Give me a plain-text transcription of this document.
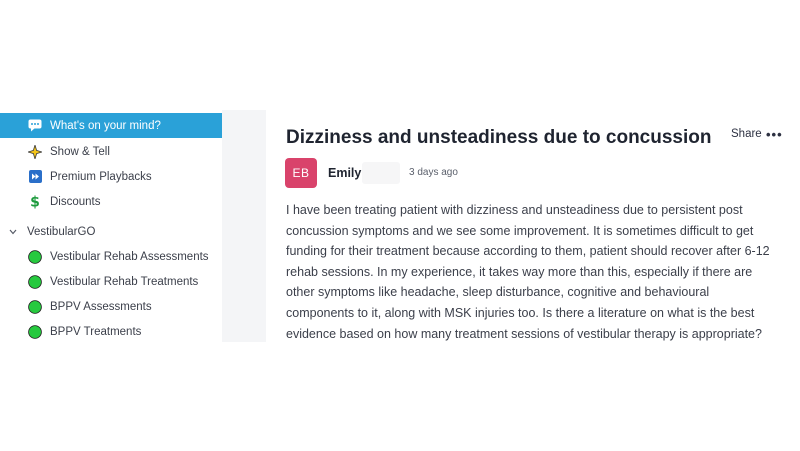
What's on your mind?
Show & Tell
Premium Playbacks
$ Discounts
VestibularGO
Vestibular Rehab Assessments
Vestibular Rehab Treatments
BPPV Assessments
BPPV Treatments
Dizziness and unsteadiness due to concussion Share •••
EB	Emily	3 days ago
I have been treating patient with dizziness and unsteadiness due to persistent post concussion symptoms and we see some improvement. It is sometimes difficult to get funding for their treatment because according to them, patient should recover after 6-12 rehab sessions. In my experience, it takes way more than this, especially if there are other symptoms like headache, sleep disturbance, cognitive and behavioural components to it, along with MSK injuries too. Is there a literature on what is the best evidence based on how many treatment sessions of vestibular therapy is appropriate?
